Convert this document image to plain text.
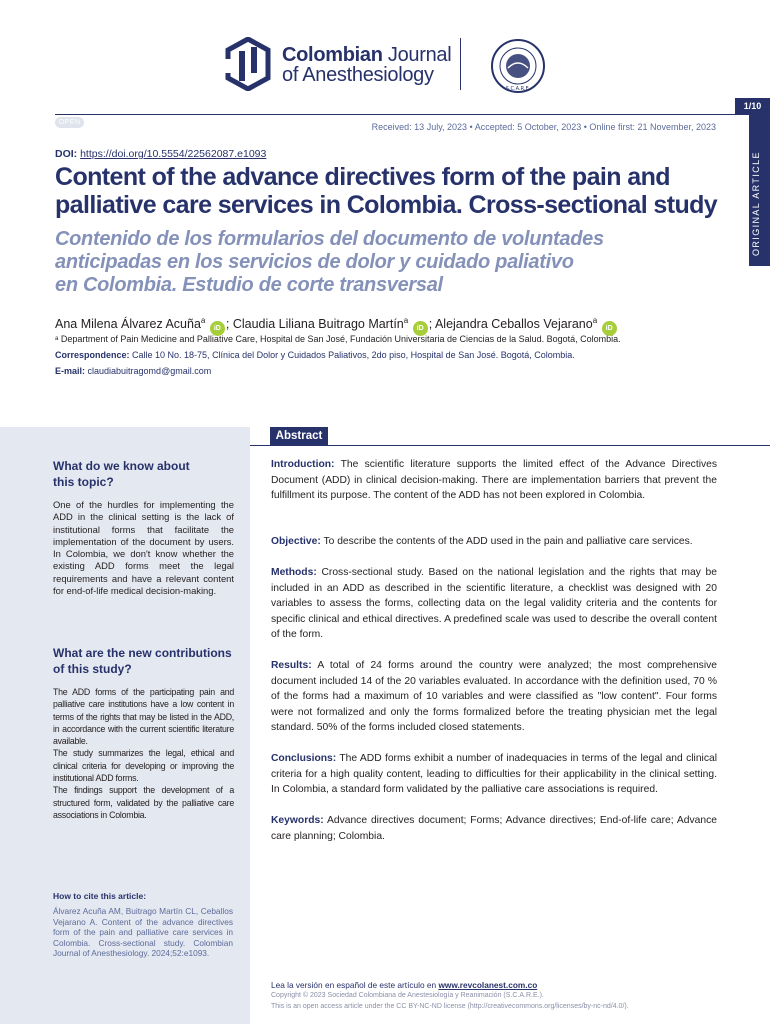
Colombian Journal
of Anesthesiology
S.C.A.R.E.
1/10
ORIGINAL ARTICLE
OPEN	Received: 13 July, 2023 • Accepted: 5 October, 2023 • Online first: 21 November, 2023
DOI: https://doi.org/10.5554/22562087.e1093
Content of the advance directives form of the pain and palliative care services in Colombia. Cross-sectional study
Contenido de los formularios del documento de voluntades
anticipadas en los servicios de dolor y cuidado paliativo
en Colombia. Estudio de corte transversal
Ana Milena Álvarez Acuña$^a$ iD ; Claudia Liliana Buitrago Martín$^a$ iD ; Alejandra Ceballos Vejarano$^a$ iD
ᵃ Department of Pain Medicine and Palliative Care, Hospital de San José, Fundación Universitaria de Ciencias de la Salud. Bogotá, Colombia.
Correspondence: Calle 10 No. 18-75, Clínica del Dolor y Cuidados Paliativos, 2do piso, Hospital de San José. Bogotá, Colombia.
E-mail: claudiabuitragomd@gmail.com
Abstract
What do we know about
this topic?
One of the hurdles for implementing the ADD in the clinical setting is the lack of institutional forms that facilitate the implementation of the document by users. In Colombia, we don't know whether the existing ADD forms meet the legal requirements and have a relevant content for end-of-life medical decision-making.
What are the new contributions
of this study?
The ADD forms of the participating pain and palliative care institutions have a low content in terms of the rights that may be listed in the ADD, in accordance with the current scientific literature available.
The study summarizes the legal, ethical and clinical criteria for developing or improving the institutional ADD forms.
The findings support the development of a structured form, validated by the palliative care associations in Colombia.
How to cite this article:
Álvarez Acuña AM, Buitrago Martín CL, Ceballos Vejarano A. Content of the advance directives form of the pain and palliative care services in Colombia. Cross-sectional study. Colombian Journal of Anesthesiology. 2024;52:e1093.
Introduction: The scientific literature supports the limited effect of the Advance Directives Document (ADD) in clinical decision-making. There are implementation barriers that prevent the fulfillment its purpose. The content of the ADD has not been explored in Colombia.
Objective: To describe the contents of the ADD used in the pain and palliative care services.
Methods: Cross-sectional study. Based on the national legislation and the rights that may be included in an ADD as described in the scientific literature, a checklist was designed with 20 variables to assess the forms, collecting data on the legal validity criteria and the contents for specific clinical and ethical directives. A predefined scale was used to describe the overall content of the form.
Results: A total of 24 forms around the country were analyzed; the most comprehensive document included 14 of the 20 variables evaluated. In accordance with the definition used, 70 % of the forms had a maximum of 10 variables and were classified as "low content". Four forms were not formalized and only the forms formalized before the treating physician met the legal standard. 50% of the forms included closed statements.
Conclusions: The ADD forms exhibit a number of inadequacies in terms of the legal and clinical criteria for a high quality content, leading to difficulties for their applicability in the clinical setting. In Colombia, a standard form validated by the palliative care associations is required.
Keywords: Advance directives document; Forms; Advance directives; End-of-life care; Advance care planning; Colombia.
Lea la versión en español de este artículo en www.revcolanest.com.co
Copyright © 2023 Sociedad Colombiana de Anestesiología y Reanimación (S.C.A.R.E.).
This is an open access article under the CC BY-NC-ND license (http://creativecommons.org/licenses/by-nc-nd/4.0/).
